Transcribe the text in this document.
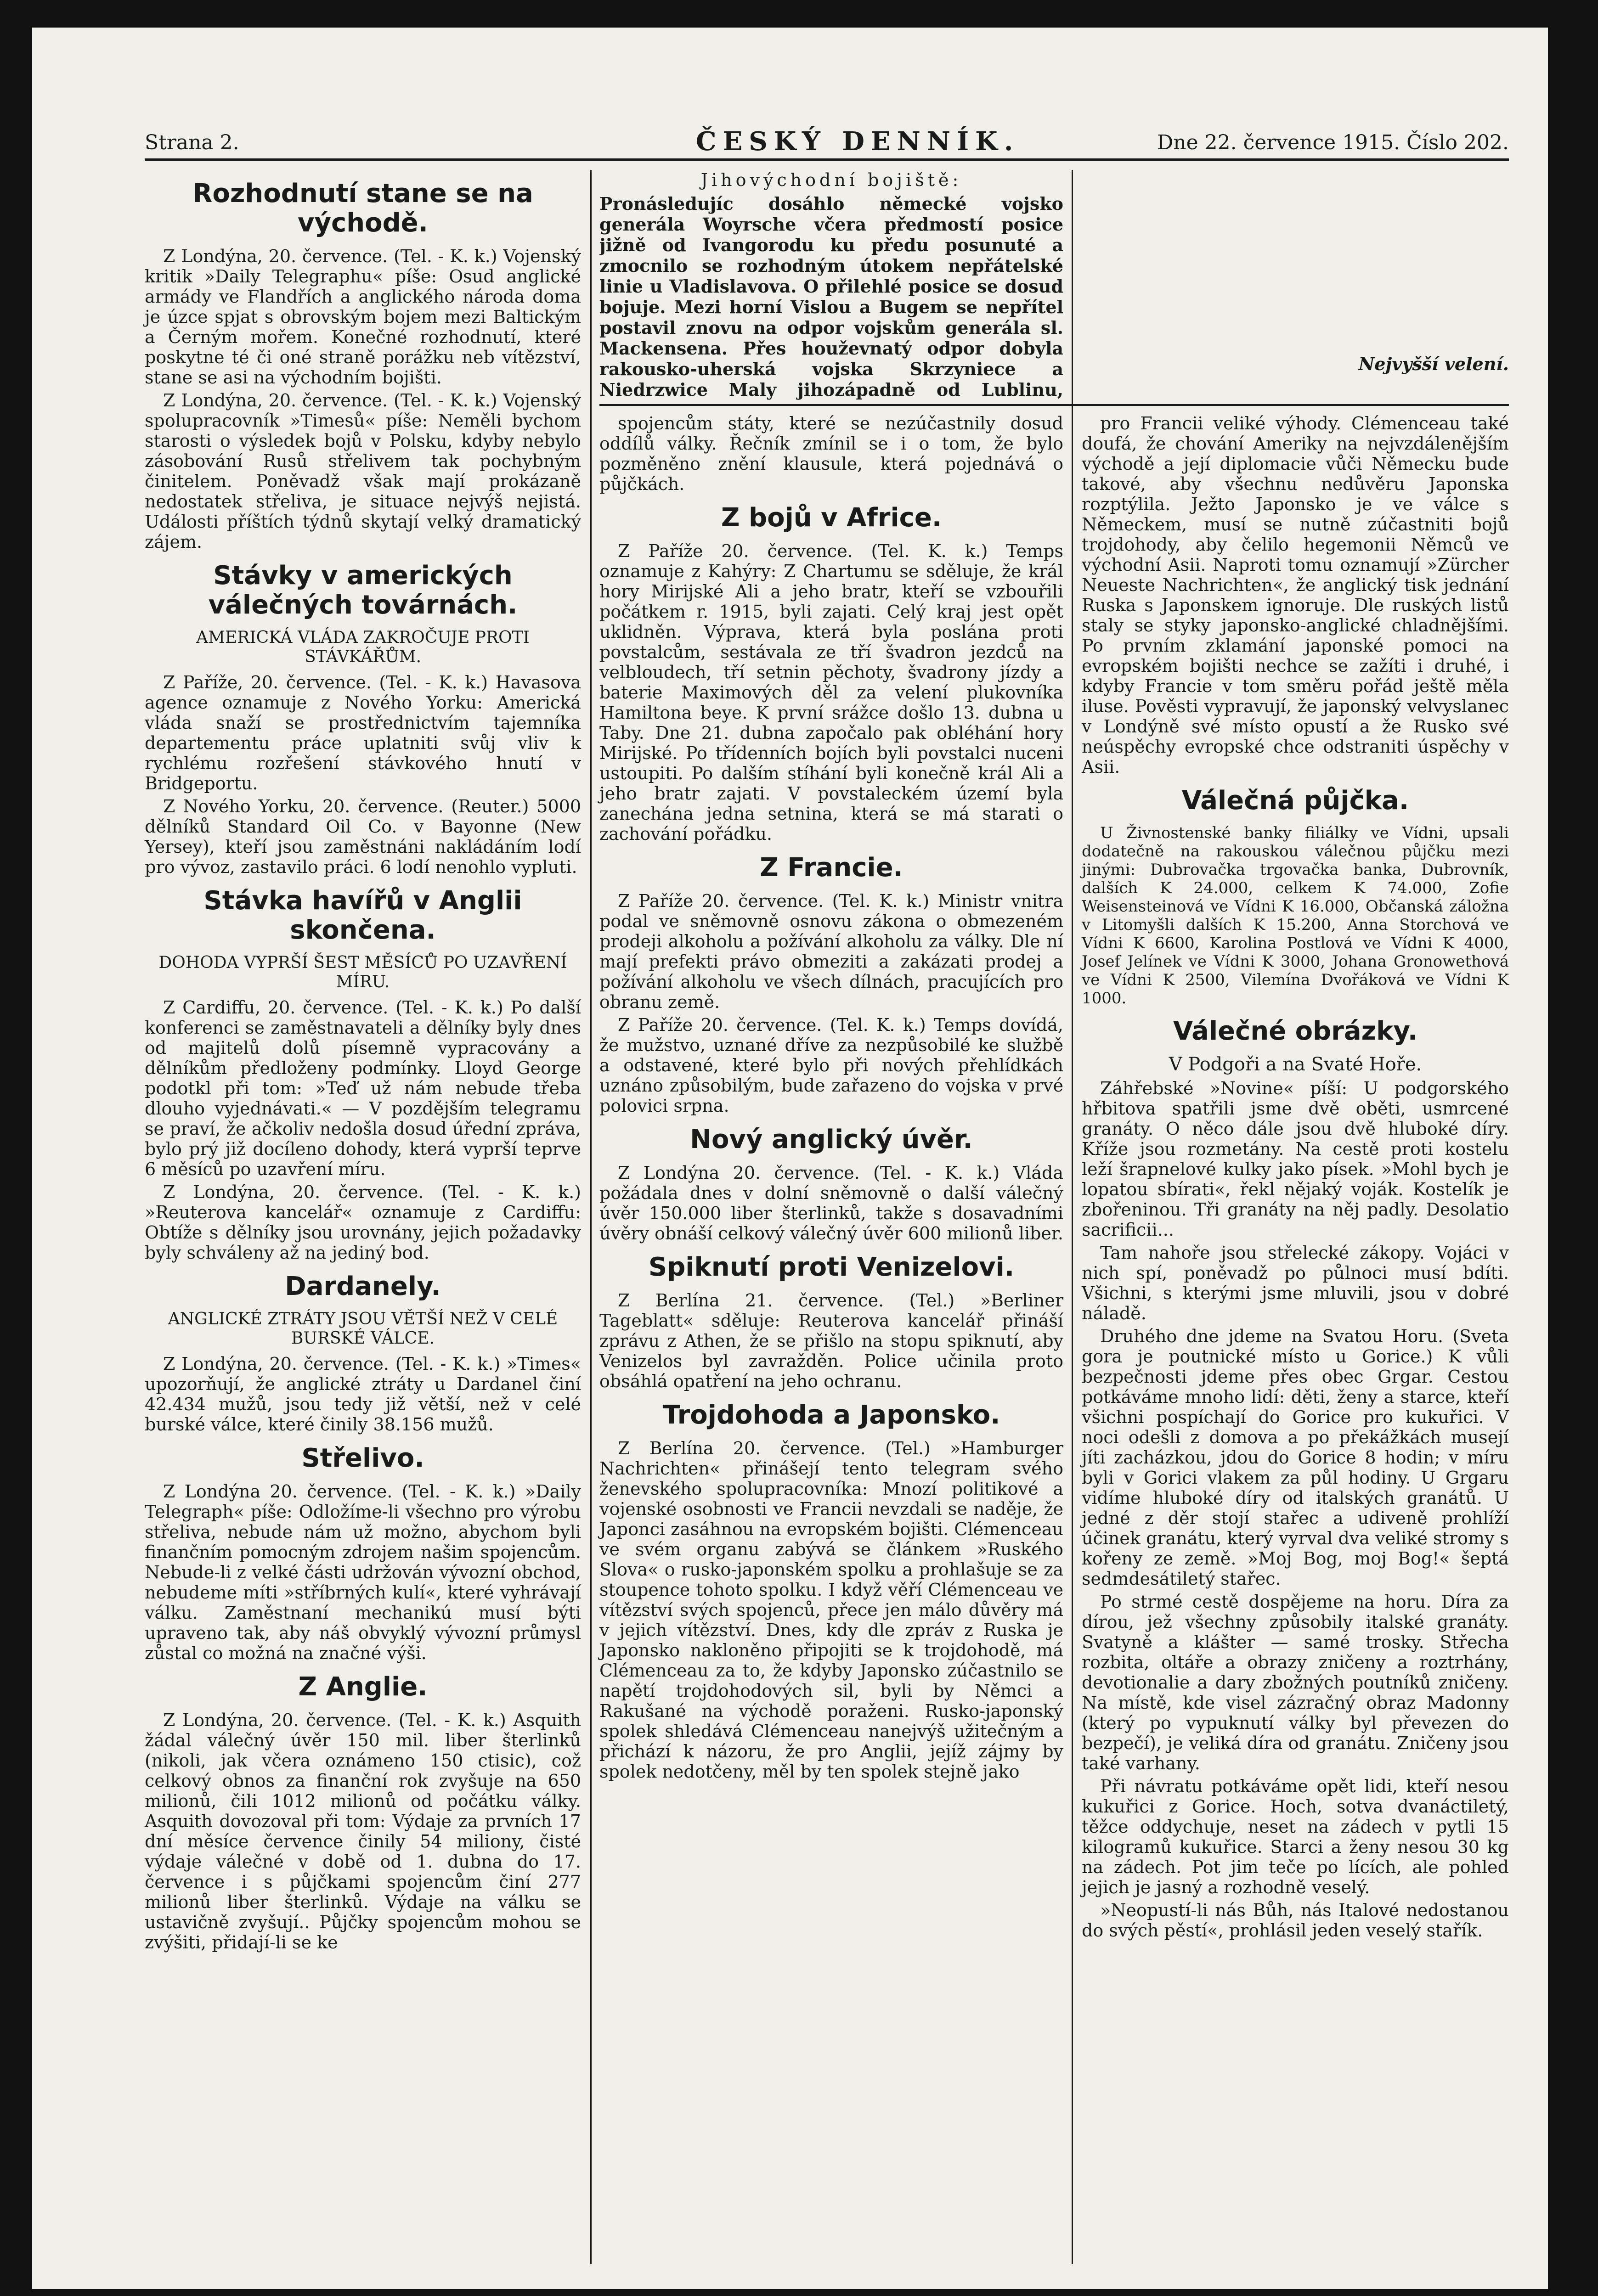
Strana 2.	ČESKÝ DENNÍK.	Dne 22. července 1915. Číslo 202.
Rozhodnutí stane se na východě.

Z Londýna, 20. července. (Tel. - K. k.) Vojenský kritik »Daily Telegraphu« píše: Osud anglické armády ve Flandřích a anglického národa doma je úzce spjat s obrovským bojem mezi Baltickým a Černým mořem. Konečné rozhodnutí, které poskytne té či oné straně porážku neb vítězství, stane se asi na východním bojišti.

Z Londýna, 20. července. (Tel. - K. k.) Vojenský spolupracovník »Timesů« píše: Neměli bychom starosti o výsledek bojů v Polsku, kdyby nebylo zásobování Rusů střelivem tak pochybným činitelem. Poněvadž však mají prokázaně nedostatek střeliva, je situace nejvýš nejistá. Události příštích týdnů skytají velký dramatický zájem.

Stávky v amerických válečných továrnách.
AMERICKÁ VLÁDA ZAKROČUJE PROTI STÁVKÁŘŮM.

Z Paříže, 20. července. (Tel. - K. k.) Havasova agence oznamuje z Nového Yorku: Americká vláda snaží se prostřednictvím tajemníka departementu práce uplatniti svůj vliv k rychlému rozřešení stávkového hnutí v Bridgeportu.

Z Nového Yorku, 20. července. (Reuter.) 5000 dělníků Standard Oil Co. v Bayonne (New Yersey), kteří jsou zaměstnáni nakládáním lodí pro vývoz, zastavilo práci. 6 lodí nenohlo vypluti.

Stávka havířů v Anglii skončena.
DOHODA VYPRŠÍ ŠEST MĚSÍCŮ PO UZAVŘENÍ MÍRU.

Z Cardiffu, 20. července. (Tel. - K. k.) Po další konferenci se zaměstnavateli a dělníky byly dnes od majitelů dolů písemně vypracovány a dělníkům předloženy podmínky. Lloyd George podotkl při tom: »Teď už nám nebude třeba dlouho vyjednávati.« — V pozdějším telegramu se praví, že ačkoliv nedošla dosud úřední zpráva, bylo prý již docíleno dohody, která vyprší teprve 6 měsíců po uzavření míru.

Z Londýna, 20. července. (Tel. - K. k.) »Reuterova kancelář« oznamuje z Cardiffu: Obtíže s dělníky jsou urovnány, jejich požadavky byly schváleny až na jediný bod.

Dardanely.
ANGLICKÉ ZTRÁTY JSOU VĚTŠÍ NEŽ V CELÉ BURSKÉ VÁLCE.

Z Londýna, 20. července. (Tel. - K. k.) »Times« upozorňují, že anglické ztráty u Dardanel činí 42.434 mužů, jsou tedy již větší, než v celé burské válce, které činily 38.156 mužů.

Střelivo.

Z Londýna 20. července. (Tel. - K. k.) »Daily Telegraph« píše: Odložíme-li všechno pro výrobu střeliva, nebude nám už možno, abychom byli finančním pomocným zdrojem našim spojencům. Nebude-li z velké části udržován vývozní obchod, nebudeme míti »stříbrných kulí«, které vyhrávají válku. Zaměstnaní mechanikú musí býti upraveno tak, aby náš obvyklý vývozní průmysl zůstal co možná na značné výši.

Z Anglie.

Z Londýna, 20. července. (Tel. - K. k.) Asquith žádal válečný úvěr 150 mil. liber šterlinků (nikoli, jak včera oznámeno 150 ctisic), což celkový obnos za finanční rok zvyšuje na 650 milionů, čili 1012 milionů od počátku války. Asquith dovozoval při tom: Výdaje za prvních 17 dní měsíce července činily 54 miliony, čisté výdaje válečné v době od 1. dubna do 17. července i s půjčkami spojencům činí 277 milionů liber šterlinků. Výdaje na válku se ustavičně zvyšují.. Půjčky spojencům mohou se zvýšiti, přidají-li se ke

Jihovýchodní bojiště:
Pronásledujíc dosáhlo německé vojsko generála Woyrsche včera předmostí posice jižně od Ivangorodu ku předu posunuté a zmocnilo se rozhodným útokem nepřátelské linie u Vladislavova. O přilehlé posice se dosud bojuje. Mezi horní Vislou a Bugem se nepřítel postavil znovu na odpor vojskům generála sl. Mackensena. Přes houževnatý odpor dobyla rakousko-uherská vojska Skrzyniece a Niedrzwice Maly jihozápadně od Lublinu,
Nejvyšší velení.

spojencům státy, které se nezúčastnily dosud oddílů války. Řečník zmínil se i o tom, že bylo pozměněno znění klausule, která pojednává o půjčkách.

Z bojů v Africe.

Z Paříže 20. července. (Tel. K. k.) Temps oznamuje z Kahýry: Z Chartumu se sděluje, že král hory Mirijské Ali a jeho bratr, kteří se vzbouřili počátkem r. 1915, byli zajati. Celý kraj jest opět uklidněn. Výprava, která byla poslána proti povstalcům, sestávala ze tří švadron jezdců na velbloudech, tří setnin pěchoty, švadrony jízdy a baterie Maximových děl za velení plukovníka Hamiltona beye. K první srážce došlo 13. dubna u Taby. Dne 21. dubna započalo pak obléhání hory Mirijské. Po třídenních bojích byli povstalci nuceni ustoupiti. Po dalším stíhání byli konečně král Ali a jeho bratr zajati. V povstaleckém území byla zanechána jedna setnina, která se má starati o zachování pořádku.

Z Francie.

Z Paříže 20. července. (Tel. K. k.) Ministr vnitra podal ve sněmovně osnovu zákona o obmezeném prodeji alkoholu a požívání alkoholu za války. Dle ní mají prefekti právo obmeziti a zakázati prodej a požívání alkoholu ve všech dílnách, pracujících pro obranu země.

Z Paříže 20. července. (Tel. K. k.) Temps dovídá, že mužstvo, uznané dříve za nezpůsobilé ke službě a odstavené, které bylo při nových přehlídkách uznáno způsobilým, bude zařazeno do vojska v prvé polovici srpna.

Nový anglický úvěr.

Z Londýna 20. července. (Tel. - K. k.) Vláda požádala dnes v dolní sněmovně o další válečný úvěr 150.000 liber šterlinků, takže s dosavadními úvěry obnáší celkový válečný úvěr 600 milionů liber.

Spiknutí proti Venizelovi.

Z Berlína 21. července. (Tel.) »Berliner Tageblatt« sděluje: Reuterova kancelář přináší zprávu z Athen, že se přišlo na stopu spiknutí, aby Venizelos byl zavražděn. Police učinila proto obsáhlá opatření na jeho ochranu.

Trojdohoda a Japonsko.

Z Berlína 20. července. (Tel.) »Hamburger Nachrichten« přinášejí tento telegram svého ženevského spolupracovníka: Mnozí politikové a vojenské osobnosti ve Francii nevzdali se naděje, že Japonci zasáhnou na evropském bojišti. Clémenceau ve svém organu zabývá se článkem »Ruského Slova« o rusko-japonském spolku a prohlašuje se za stoupence tohoto spolku. I když věří Clémenceau ve vítězství svých spojenců, přece jen málo důvěry má v jejich vítězství. Dnes, kdy dle zpráv z Ruska je Japonsko nakloněno připojiti se k trojdohodě, má Clémenceau za to, že kdyby Japonsko zúčastnilo se napětí trojdohodových sil, byli by Němci a Rakušané na východě poraženi. Rusko-japonský spolek shledává Clémenceau nanejvýš užitečným a přichází k názoru, že pro Anglii, jejíž zájmy by spolek nedotčeny, měl by ten spolek stejně jako

pro Francii veliké výhody. Clémenceau také doufá, že chování Ameriky na nejvzdálenějším východě a její diplomacie vůči Německu bude takové, aby všechnu nedůvěru Japonska rozptýlila. Ježto Japonsko je ve válce s Německem, musí se nutně zúčastniti bojů trojdohody, aby čelilo hegemonii Němců ve východní Asii. Naproti tomu oznamují »Zürcher Neueste Nachrichten«, že anglický tisk jednání Ruska s Japonskem ignoruje. Dle ruských listů staly se styky japonsko-anglické chladnějšími. Po prvním zklamání japonské pomoci na evropském bojišti nechce se zažíti i druhé, i kdyby Francie v tom směru pořád ještě měla iluse. Pověsti vypravují, že japonský velvyslanec v Londýně své místo opustí a že Rusko své neúspěchy evropské chce odstraniti úspěchy v Asii.

Válečná půjčka.

U Živnostenské banky filiálky ve Vídni, upsali dodatečně na rakouskou válečnou půjčku mezi jinými: Dubrovačka trgovačka banka, Dubrovník, dalších K 24.000, celkem K 74.000, Zofie Weisensteinová ve Vídni K 16.000, Občanská záložna v Litomyšli dalších K 15.200, Anna Storchová ve Vídni K 6600, Karolina Postlová ve Vídni K 4000, Josef Jelínek ve Vídni K 3000, Johana Gronowethová ve Vídni K 2500, Vilemína Dvořáková ve Vídni K 1000.

Válečné obrázky.
V Podgoři a na Svaté Hoře.

Záhřebské »Novine« píší: U podgorského hřbitova spatřili jsme dvě oběti, usmrcené granáty. O něco dále jsou dvě hluboké díry. Kříže jsou rozmetány. Na cestě proti kostelu leží šrapnelové kulky jako písek. »Mohl bych je lopatou sbírati«, řekl nějaký voják. Kostelík je zbořeninou. Tři granáty na něj padly. Desolatio sacrificii...

Tam nahoře jsou střelecké zákopy. Vojáci v nich spí, poněvadž po půlnoci musí bdíti. Všichni, s kterými jsme mluvili, jsou v dobré náladě.

Druhého dne jdeme na Svatou Horu. (Sveta gora je poutnické místo u Gorice.) K vůli bezpečnosti jdeme přes obec Grgar. Cestou potkáváme mnoho lidí: děti, ženy a starce, kteří všichni pospíchají do Gorice pro kukuřici. V noci odešli z domova a po překážkách musejí jíti zacházkou, jdou do Gorice 8 hodin; v míru byli v Gorici vlakem za půl hodiny. U Grgaru vidíme hluboké díry od italských granátů. U jedné z děr stojí stařec a udiveně prohlíží účinek granátu, který vyrval dva veliké stromy s kořeny ze země. »Moj Bog, moj Bog!« šeptá sedmdesátiletý stařec.

Po strmé cestě dospějeme na horu. Díra za dírou, jež všechny způsobily italské granáty. Svatyně a klášter — samé trosky. Střecha rozbita, oltáře a obrazy zničeny a roztrhány, devotionalie a dary zbožných poutníků zničeny. Na místě, kde visel zázračný obraz Madonny (který po vypuknutí války byl převezen do bezpečí), je veliká díra od granátu. Zničeny jsou také varhany.

Při návratu potkáváme opět lidi, kteří nesou kukuřici z Gorice. Hoch, sotva dvanáctiletý, těžce oddychuje, neset na zádech v pytli 15 kilogramů kukuřice. Starci a ženy nesou 30 kg na zádech. Pot jim teče po lících, ale pohled jejich je jasný a rozhodně veselý.

»Neopustí-li nás Bůh, nás Italové nedostanou do svých pěstí«, prohlásil jeden veselý stařík.
